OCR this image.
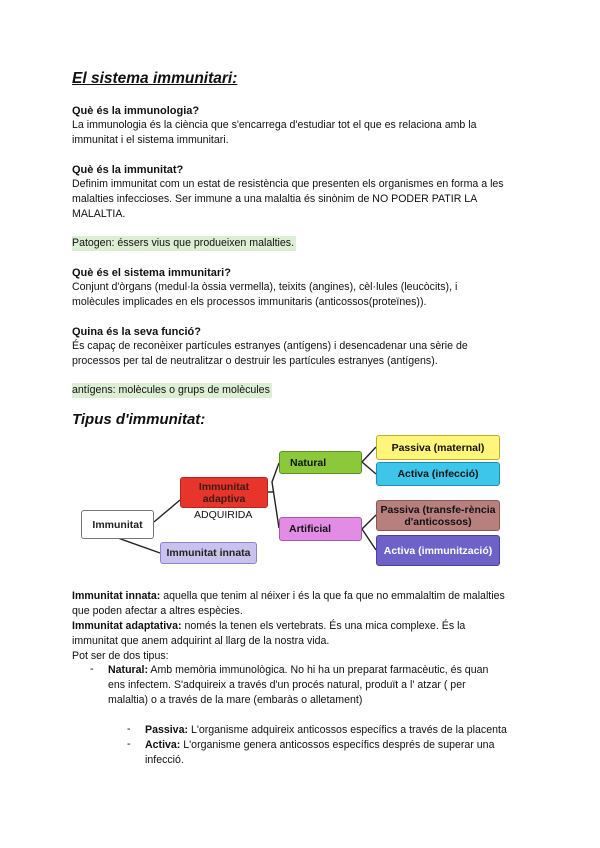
El sistema immunitari:

Què és la immunologia?

La immunologia és la ciència que s'encarrega d'estudiar tot el que es relaciona amb la

immunitat i el sistema immunitari.

Què és la immunitat?

Definim immunitat com un estat de resistència que presenten els organismes en forma a les

malalties infeccioses. Ser immune a una malaltia és sinònim de NO PODER PATIR LA

MALALTIA.

Patogen: éssers vius que produeixen malalties.

Què és el sistema immunitari?

Conjunt d'òrgans (medul·la òssia vermella), teixits (angines), cèl·lules (leucòcits), i

molècules implicades en els processos immunitaris (anticossos(proteïnes)).

Quina és la seva funció?

És capaç de reconèixer partícules estranyes (antígens) i desencadenar una sèrie de

processos per tal de neutralitzar o destruir les partícules estranyes (antígens).

antígens: molècules o grups de molècules

Tipus d'immunitat:
Immunitat
Immunitat adaptiva

ADQUIRIDA

Immunitat innata
Natural
Artificial
Passiva (maternal)
Activa (infecció)
Passiva (transfe-rència d'anticossos)
Activa (immunització)

Immunitat innata: aquella que tenim al néixer i és la que fa que no emmalaltim de malalties

que poden afectar a altres espècies.

Immunitat adaptativa: només la tenen els vertebrats. És una mica complexe. És la

immunitat que anem adquirint al llarg de la nostra vida.

Pot ser de dos tipus:

- Natural: Amb memòria immunològica. No hi ha un preparat farmacèutic, és quan

ens infectem. S'adquireix a través d'un procés natural, produït a l' atzar ( per

malaltia) o a través de la mare (embaràs o alletament)

- Passiva: L'organisme adquireix anticossos específics a través de la placenta

- Activa: L'organisme genera anticossos específics després de superar una

infecció.
